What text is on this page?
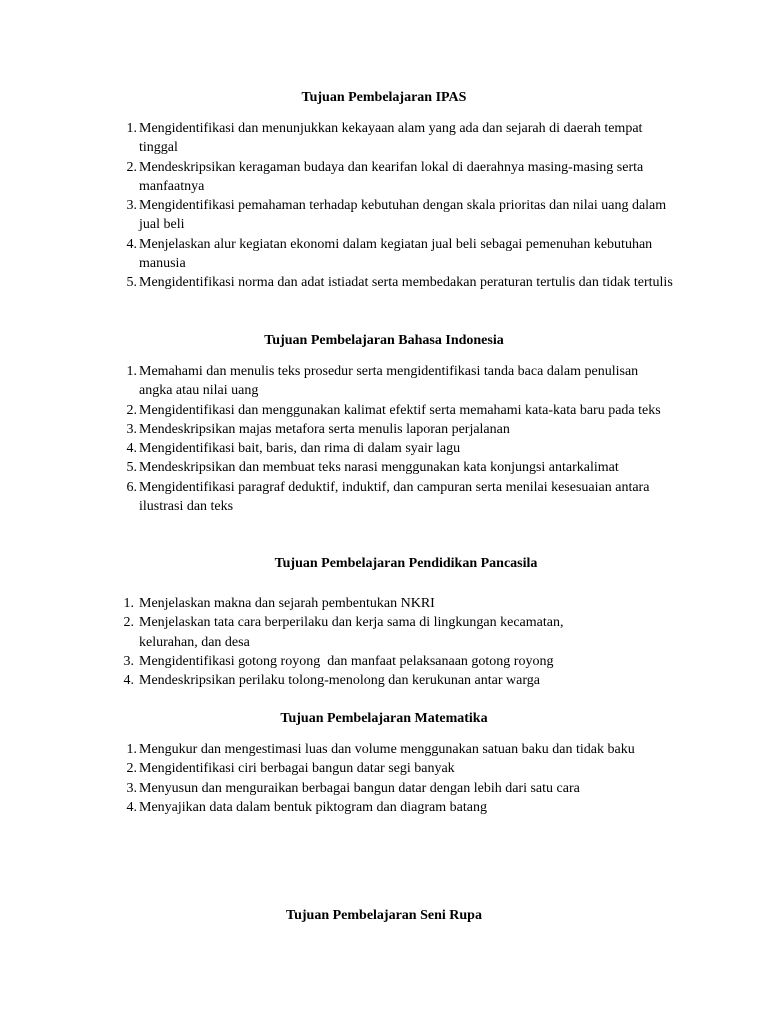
Tujuan Pembelajaran IPAS
1. Mengidentifikasi dan menunjukkan kekayaan alam yang ada dan sejarah di daerah tempat tinggal
2. Mendeskripsikan keragaman budaya dan kearifan lokal di daerahnya masing-masing serta manfaatnya
3. Mengidentifikasi pemahaman terhadap kebutuhan dengan skala prioritas dan nilai uang dalam jual beli
4. Menjelaskan alur kegiatan ekonomi dalam kegiatan jual beli sebagai pemenuhan kebutuhan manusia
5. Mengidentifikasi norma dan adat istiadat serta membedakan peraturan tertulis dan tidak tertulis
Tujuan Pembelajaran Bahasa Indonesia
1. Memahami dan menulis teks prosedur serta mengidentifikasi tanda baca dalam penulisan angka atau nilai uang
2. Mengidentifikasi dan menggunakan kalimat efektif serta memahami kata-kata baru pada teks
3. Mendeskripsikan majas metafora serta menulis laporan perjalanan
4. Mengidentifikasi bait, baris, dan rima di dalam syair lagu
5. Mendeskripsikan dan membuat teks narasi menggunakan kata konjungsi antarkalimat
6. Mengidentifikasi paragraf deduktif, induktif, dan campuran serta menilai kesesuaian antara ilustrasi dan teks
Tujuan Pembelajaran Pendidikan Pancasila
1. Menjelaskan makna dan sejarah pembentukan NKRI
2. Menjelaskan tata cara berperilaku dan kerja sama di lingkungan kecamatan, kelurahan, dan desa
3. Mengidentifikasi gotong royong  dan manfaat pelaksanaan gotong royong
4. Mendeskripsikan perilaku tolong-menolong dan kerukunan antar warga
Tujuan Pembelajaran Matematika
1. Mengukur dan mengestimasi luas dan volume menggunakan satuan baku dan tidak baku
2. Mengidentifikasi ciri berbagai bangun datar segi banyak
3. Menyusun dan menguraikan berbagai bangun datar dengan lebih dari satu cara
4. Menyajikan data dalam bentuk piktogram dan diagram batang
Tujuan Pembelajaran Seni Rupa
